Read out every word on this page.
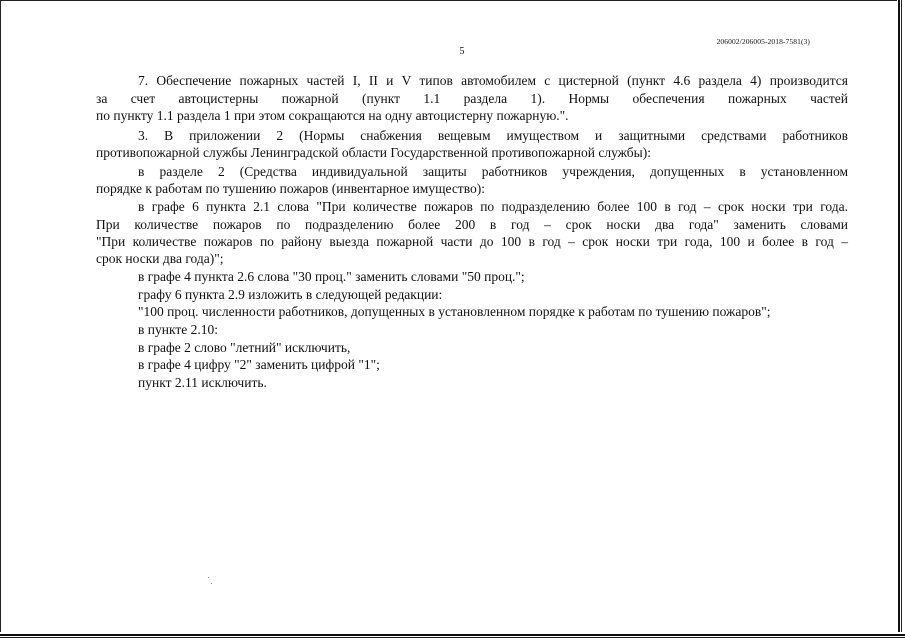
206002/206005-2018-7581(3)
5
7. Обеспечение пожарных частей I, II и V типов автомобилем с цистерной (пункт 4.6 раздела 4) производится
за счет автоцистерны пожарной (пункт 1.1 раздела 1). Нормы обеспечения пожарных частей
по пункту 1.1 раздела 1 при этом сокращаются на одну автоцистерну пожарную.".
3. В приложении 2 (Нормы снабжения вещевым имуществом и защитными средствами работников
противопожарной службы Ленинградской области Государственной противопожарной службы):
в разделе 2 (Средства индивидуальной защиты работников учреждения, допущенных в установленном
порядке к работам по тушению пожаров (инвентарное имущество):
в графе 6 пункта 2.1 слова "При количестве пожаров по подразделению более 100 в год – срок носки три года.
При количестве пожаров по подразделению более 200 в год – срок носки два года" заменить словами
"При количестве пожаров по району выезда пожарной части до 100 в год – срок носки три года, 100 и более в год –
срок носки два года)";
в графе 4 пункта 2.6 слова "30 проц." заменить словами "50 проц.";
графу 6 пункта 2.9 изложить в следующей редакции:
"100 проц. численности работников, допущенных в установленном порядке к работам по тушению пожаров";
в пункте 2.10:
в графе 2 слово "летний" исключить,
в графе 4 цифру "2" заменить цифрой "1";
пункт 2.11 исключить.
